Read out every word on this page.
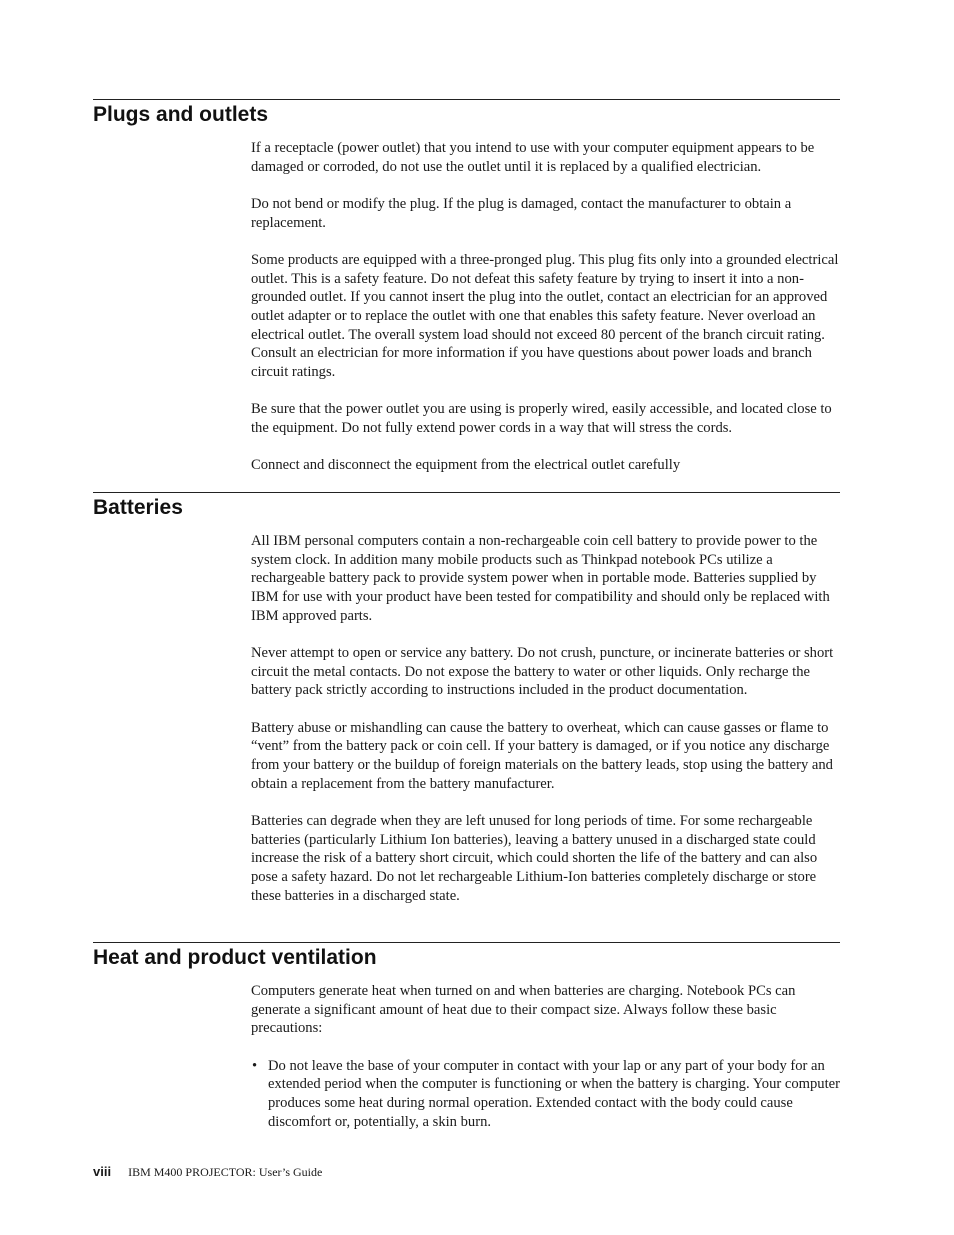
Plugs and outlets

If a receptacle (power outlet) that you intend to use with your computer equipment appears to be damaged or corroded, do not use the outlet until it is replaced by a qualified electrician.

Do not bend or modify the plug. If the plug is damaged, contact the manufacturer to obtain a replacement.

Some products are equipped with a three-pronged plug. This plug fits only into a grounded electrical outlet. This is a safety feature. Do not defeat this safety feature by trying to insert it into a non-grounded outlet. If you cannot insert the plug into the outlet, contact an electrician for an approved outlet adapter or to replace the outlet with one that enables this safety feature. Never overload an electrical outlet. The overall system load should not exceed 80 percent of the branch circuit rating. Consult an electrician for more information if you have questions about power loads and branch circuit ratings.

Be sure that the power outlet you are using is properly wired, easily accessible, and located close to the equipment. Do not fully extend power cords in a way that will stress the cords.

Connect and disconnect the equipment from the electrical outlet carefully

Batteries

All IBM personal computers contain a non-rechargeable coin cell battery to provide power to the system clock. In addition many mobile products such as Thinkpad notebook PCs utilize a rechargeable battery pack to provide system power when in portable mode. Batteries supplied by IBM for use with your product have been tested for compatibility and should only be replaced with IBM approved parts.

Never attempt to open or service any battery. Do not crush, puncture, or incinerate batteries or short circuit the metal contacts. Do not expose the battery to water or other liquids. Only recharge the battery pack strictly according to instructions included in the product documentation.

Battery abuse or mishandling can cause the battery to overheat, which can cause gasses or flame to “vent” from the battery pack or coin cell. If your battery is damaged, or if you notice any discharge from your battery or the buildup of foreign materials on the battery leads, stop using the battery and obtain a replacement from the battery manufacturer.

Batteries can degrade when they are left unused for long periods of time. For some rechargeable batteries (particularly Lithium Ion batteries), leaving a battery unused in a discharged state could increase the risk of a battery short circuit, which could shorten the life of the battery and can also pose a safety hazard. Do not let rechargeable Lithium-Ion batteries completely discharge or store these batteries in a discharged state.

Heat and product ventilation

Computers generate heat when turned on and when batteries are charging. Notebook PCs can generate a significant amount of heat due to their compact size. Always follow these basic precautions:

• Do not leave the base of your computer in contact with your lap or any part of your body for an extended period when the computer is functioning or when the battery is charging. Your computer produces some heat during normal operation. Extended contact with the body could cause discomfort or, potentially, a skin burn.
viii IBM M400 PROJECTOR: User’s Guide
